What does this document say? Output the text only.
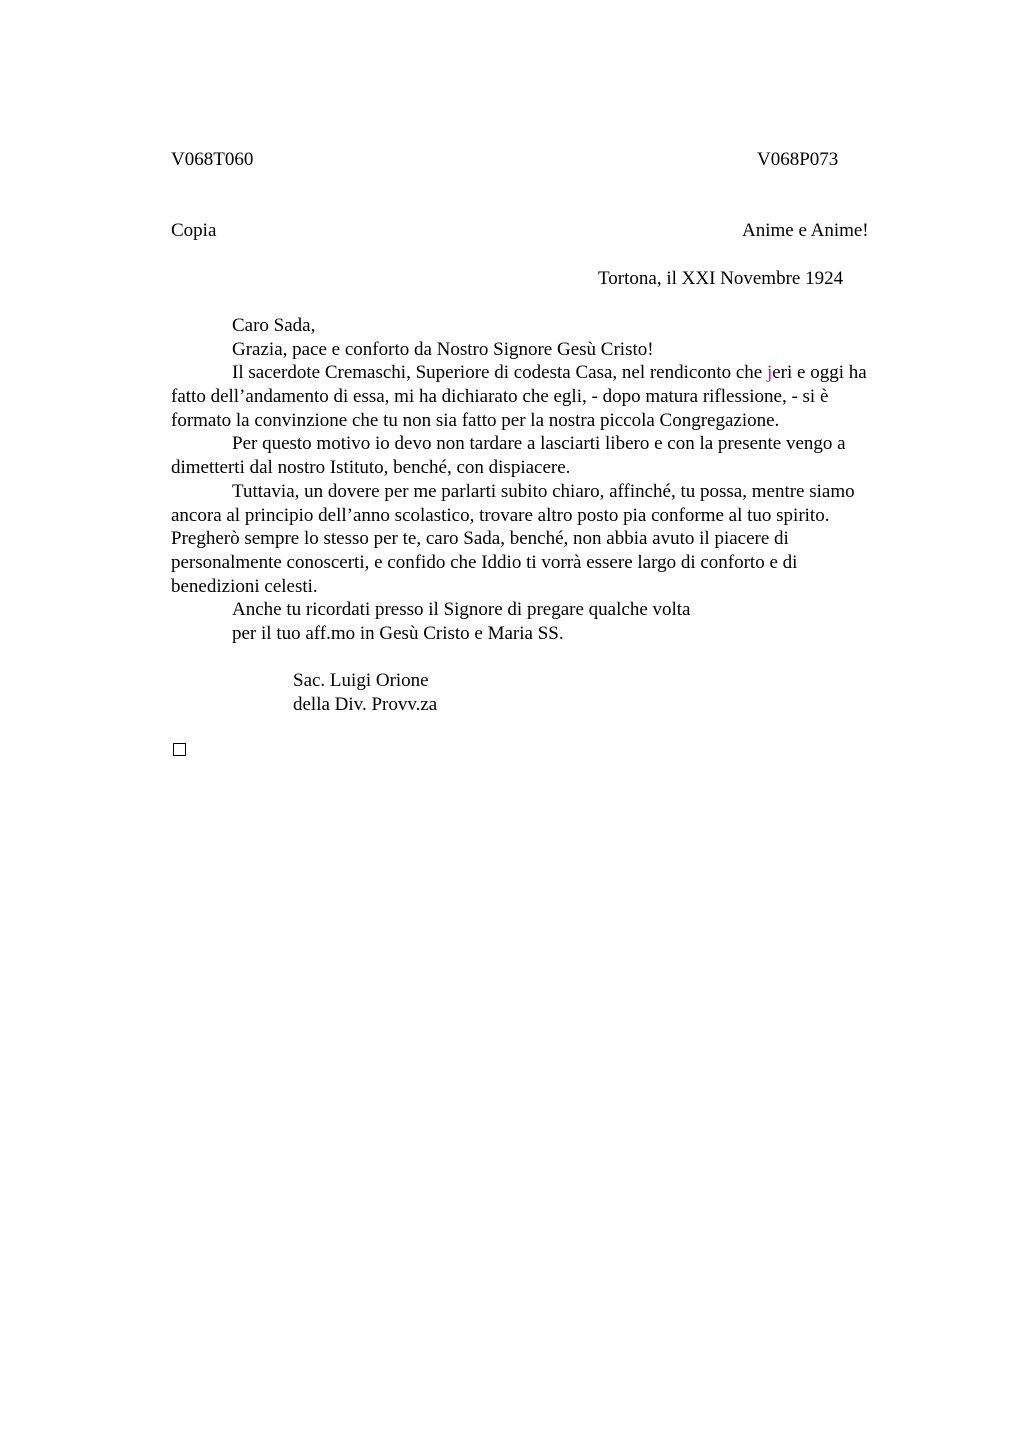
V068T060	V068P073
Copia	Anime e Anime!
Tortona, il XXI Novembre 1924
Caro Sada,
Grazia, pace e conforto da Nostro Signore Gesù Cristo!
Il sacerdote Cremaschi, Superiore di codesta Casa, nel rendiconto che jeri e oggi ha
fatto dell’andamento di essa, mi ha dichiarato che egli, - dopo matura riflessione, - si è
formato la convinzione che tu non sia fatto per la nostra piccola Congregazione.
Per questo motivo io devo non tardare a lasciarti libero e con la presente vengo a
dimetterti dal nostro Istituto, benché, con dispiacere.
Tuttavia, un dovere per me parlarti subito chiaro, affinché, tu possa, mentre siamo
ancora al principio dell’anno scolastico, trovare altro posto pia conforme al tuo spirito.
Pregherò sempre lo stesso per te, caro Sada, benché, non abbia avuto il piacere di
personalmente conoscerti, e confido che Iddio ti vorrà essere largo di conforto e di
benedizioni celesti.
Anche tu ricordati presso il Signore di pregare qualche volta
per il tuo aff.mo in Gesù Cristo e Maria SS.
Sac. Luigi Orione
della Div. Provv.za
